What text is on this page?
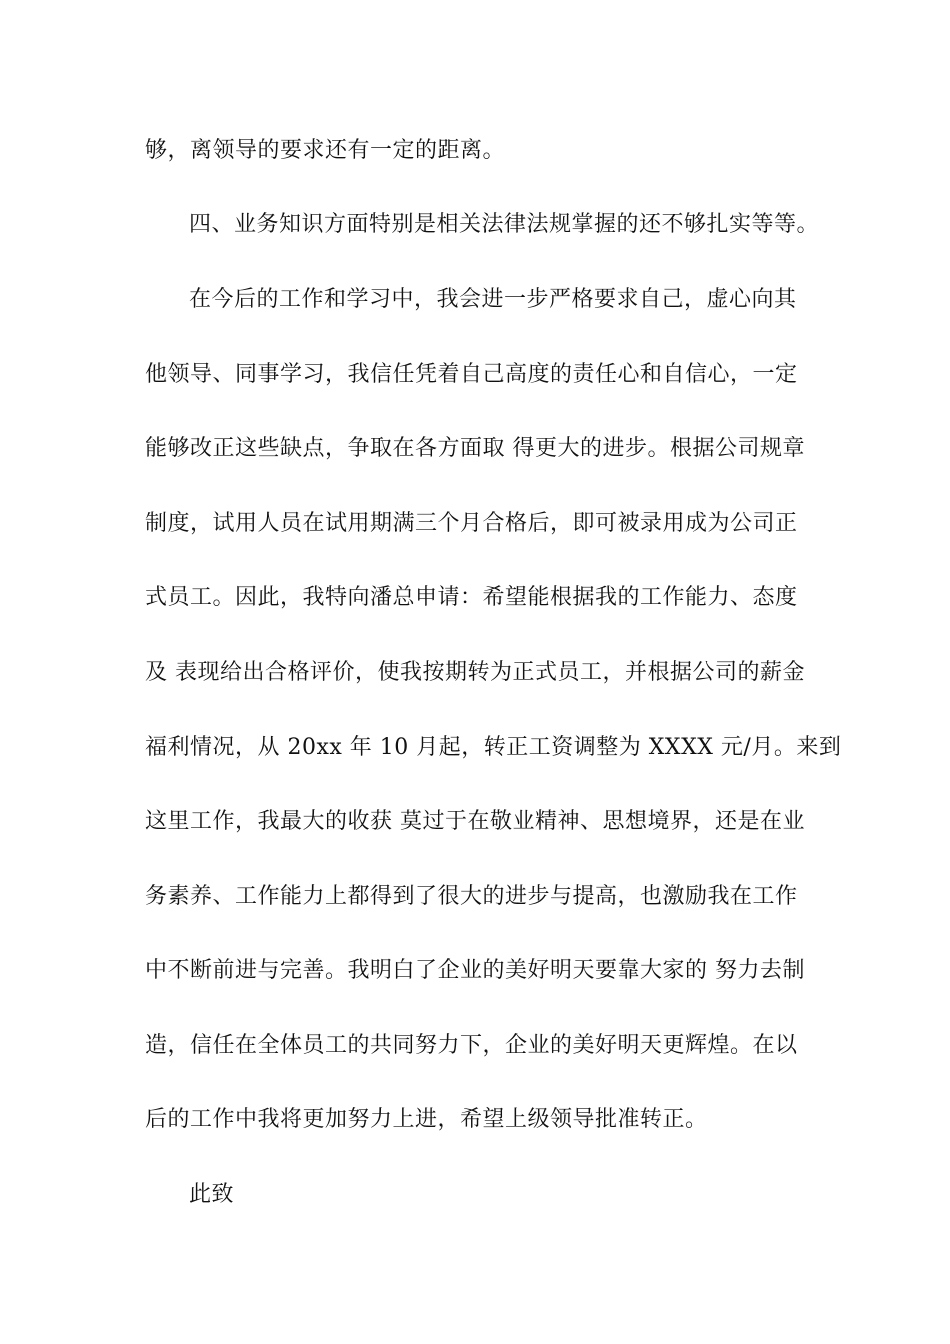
够，离领导的要求还有一定的距离。
四、业务知识方面特别是相关法律法规掌握的还不够扎实等等。
在今后的工作和学习中，我会进一步严格要求自己，虚心向其
他领导、同事学习，我信任凭着自己高度的责任心和自信心，一定
能够改正这些缺点，争取在各方面取 得更大的进步。根据公司规章
制度，试用人员在试用期满三个月合格后，即可被录用成为公司正
式员工。因此，我特向潘总申请：希望能根据我的工作能力、态度
及 表现给出合格评价，使我按期转为正式员工，并根据公司的薪金
福利情况，从 20xx 年 10 月起，转正工资调整为 XXXX 元/月。来到
这里工作，我最大的收获 莫过于在敬业精神、思想境界，还是在业
务素养、工作能力上都得到了很大的进步与提高，也激励我在工作
中不断前进与完善。我明白了企业的美好明天要靠大家的 努力去制
造，信任在全体员工的共同努力下，企业的美好明天更辉煌。在以
后的工作中我将更加努力上进，希望上级领导批准转正。
此致
